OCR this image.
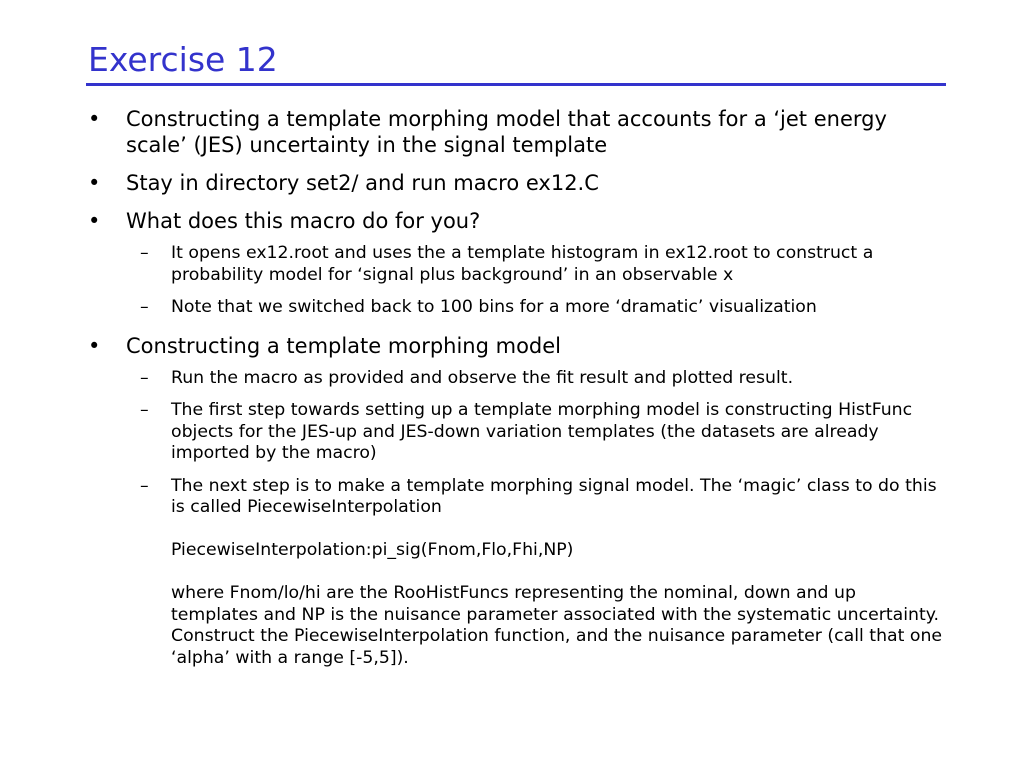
Exercise 12
•	Constructing a template morphing model that accounts for a ‘jet energy scale’ (JES) uncertainty in the signal template
•	Stay in directory set2/ and run macro ex12.C
•	What does this macro do for you?
– It opens ex12.root and uses the a template histogram in ex12.root to construct a probability model for ‘signal plus background’ in an observable x

– Note that we switched back to 100 bins for a more ‘dramatic’ visualization

•	Constructing a template morphing model
– Run the macro as provided and observe the fit result and plotted result.

– The first step towards setting up a template morphing model is constructing HistFunc objects for the JES-up and JES-down variation templates (the datasets are already imported by the macro)

– The next step is to make a template morphing signal model. The ‘magic’ class to do this is called PiecewiseInterpolation

PiecewiseInterpolation:pi_sig(Fnom,Flo,Fhi,NP)

where Fnom/lo/hi are the RooHistFuncs representing the nominal, down and up templates and NP is the nuisance parameter associated with the systematic uncertainty. Construct the PiecewiseInterpolation function, and the nuisance parameter (call that one ‘alpha’ with a range [-5,5]).
